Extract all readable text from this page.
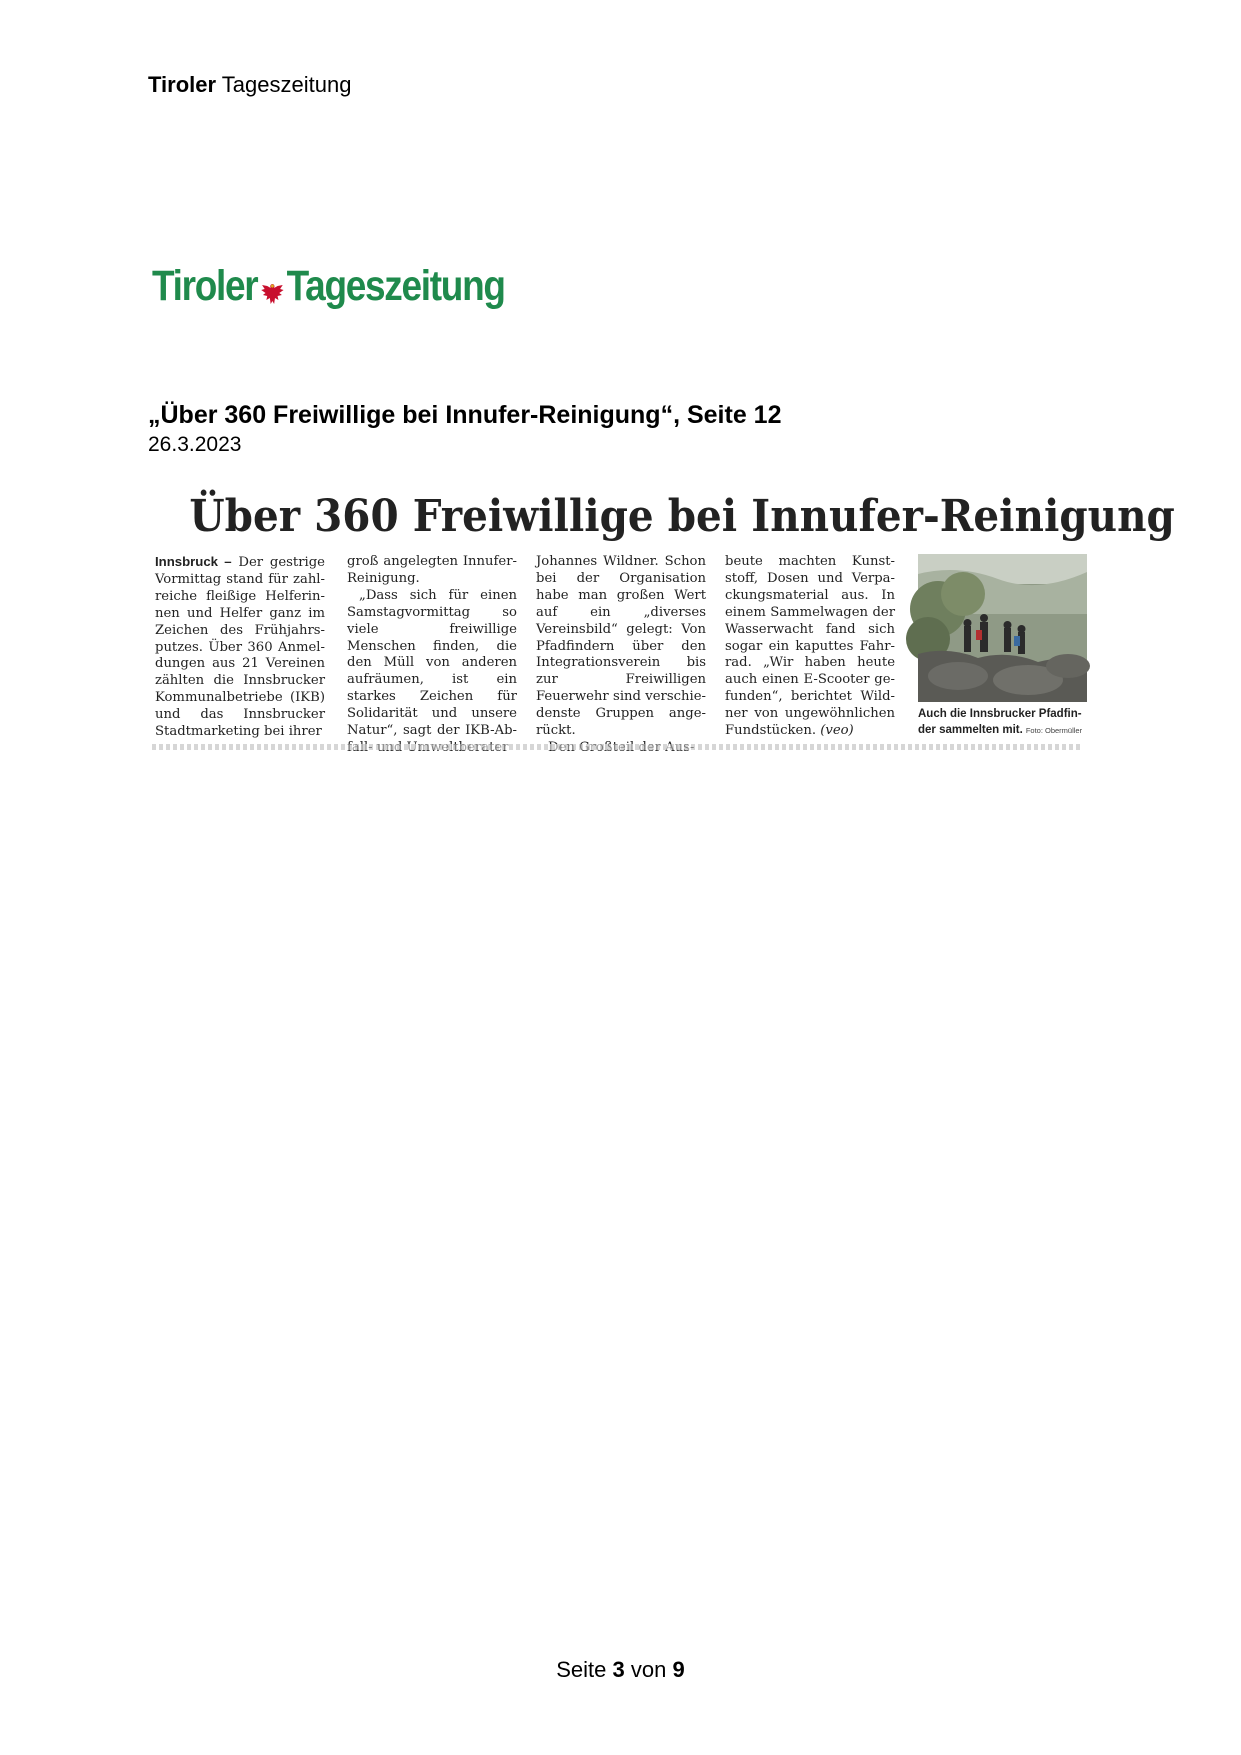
Tiroler Tageszeitung
Tiroler Tageszeitung
„Über 360 Freiwillige bei Innufer-Reinigung“, Seite 12
26.3.2023
Über 360 Freiwillige bei Innufer-Reinigung

Innsbruck – Der gestrige Vormittag stand für zahlreiche fleißige Helferinnen und Helfer ganz im Zeichen des Frühjahrsputzes. Über 360 Anmeldungen aus 21 Vereinen zählten die Innsbrucker Kommunalbetriebe (IKB) und das Innsbrucker Stadtmarketing bei ihrer

groß angelegten Innufer-Reinigung.

„Dass sich für einen Samstagvormittag so viele freiwillige Menschen finden, die den Müll von anderen aufräumen, ist ein starkes Zeichen für Solidarität und unsere Natur“, sagt der IKB-Ab

Johannes Wildner. Schon bei der Organisation habe man großen Wert auf ein „diverses Vereinsbild“ gelegt: Von Pfadfindern über den Integrationsverein bis zur Freiwilligen Feuerwehr sind verschiedenste Gruppen angerückt.

beute machten Kunststoff, Dosen und Verpackungsmaterial aus. In einem Sammelwagen der Wasserwacht fand sich sogar ein kaputtes Fahrrad. „Wir haben heute auch einen E-Scooter gefunden“, berichtet Wildner von ungewöhnlichen Fundstücken. (veo)

Auch die Innsbrucker Pfadfinder sammelten mit. Foto: Obermüller
Seite 3 von 9
